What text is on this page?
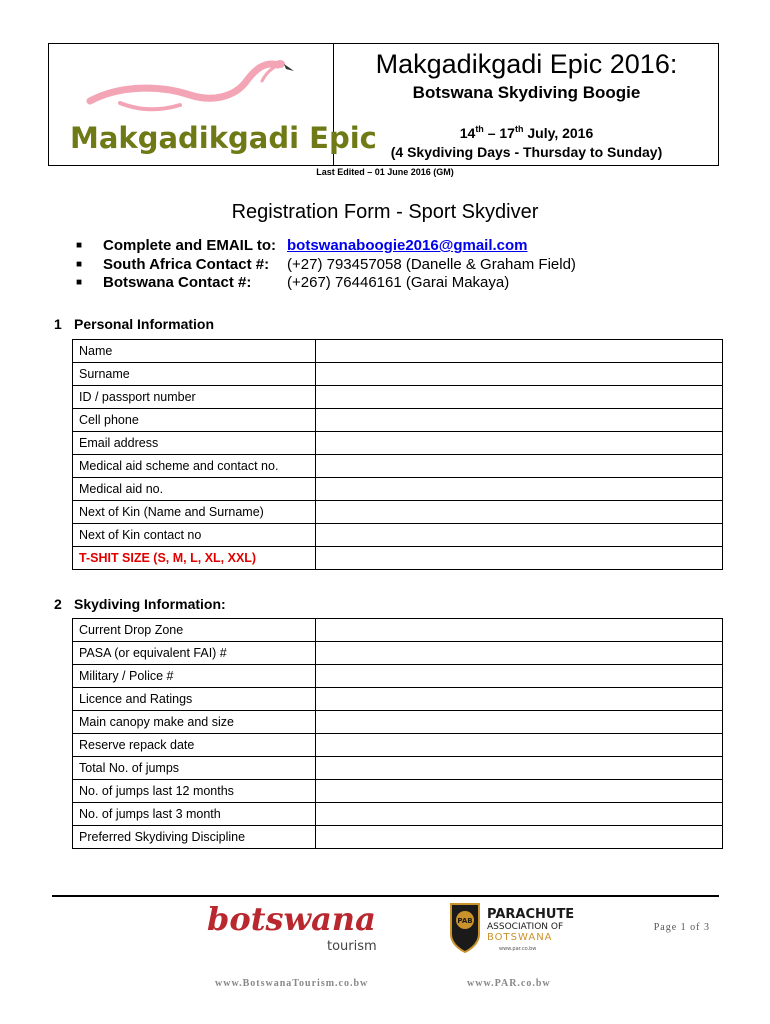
Makgadikgadi Epic
Makgadikgadi Epic 2016:
Botswana Skydiving Boogie
14th – 17th July, 2016
(4 Skydiving Days - Thursday to Sunday)
Last Edited – 01 June 2016 (GM)
Registration Form - Sport Skydiver
■ Complete and EMAIL to: botswanaboogie2016@gmail.com
■ South Africa Contact #: (+27) 793457058 (Danelle & Graham Field)
■ Botswana Contact #: (+267) 76446161 (Garai Makaya)
1 Personal Information
Name	
Surname	
ID / passport number	
Cell phone	
Email address	
Medical aid scheme and contact no.	
Medical aid no.	
Next of Kin (Name and Surname)	
Next of Kin contact no	
T-SHIT SIZE (S, M, L, XL, XXL)	
2 Skydiving Information:
Current Drop Zone	
PASA (or equivalent FAI) #	
Military / Police #	
Licence and Ratings	
Main canopy make and size	
Reserve repack date	
Total No. of jumps	
No. of jumps last 12 months	
No. of jumps last 3 month	
Preferred Skydiving Discipline	
botswana
tourism
PAB PARACHUTE
ASSOCIATION OF
BOTSWANA
www.par.co.bw
Page 1 of 3
www.BotswanaTourism.co.bw	www.PAR.co.bw
